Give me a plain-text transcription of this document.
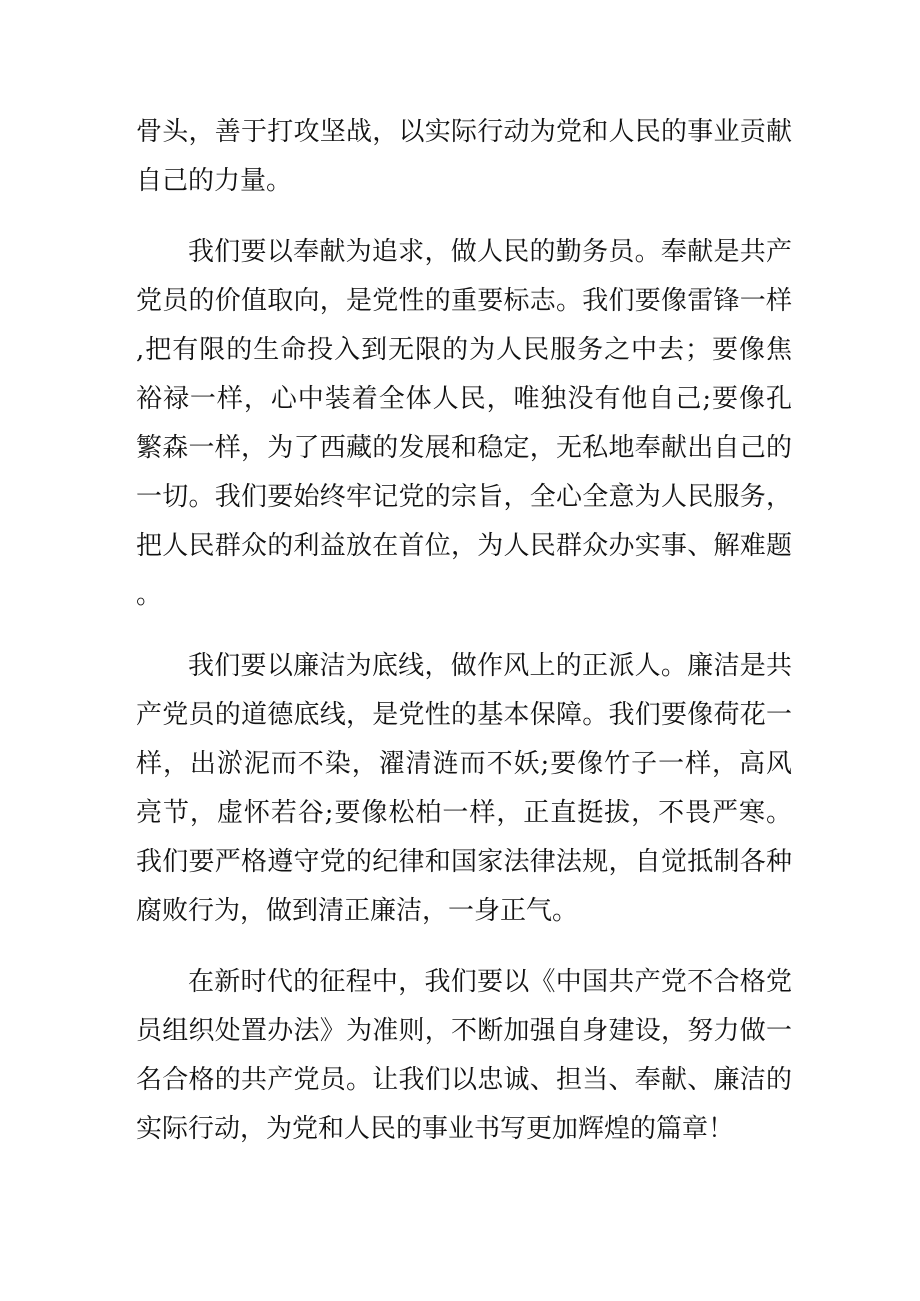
骨头，善于打攻坚战，以实际行动为党和人民的事业贡献自己的力量。

我们要以奉献为追求，做人民的勤务员。奉献是共产党员的价值取向，是党性的重要标志。我们要像雷锋一样,把有限的生命投入到无限的为人民服务之中去；要像焦裕禄一样，心中装着全体人民，唯独没有他自己;要像孔繁森一样，为了西藏的发展和稳定，无私地奉献出自己的一切。我们要始终牢记党的宗旨，全心全意为人民服务，把人民群众的利益放在首位，为人民群众办实事、解难题。

我们要以廉洁为底线，做作风上的正派人。廉洁是共产党员的道德底线，是党性的基本保障。我们要像荷花一样，出淤泥而不染，濯清涟而不妖;要像竹子一样，高风亮节，虚怀若谷;要像松柏一样，正直挺拔，不畏严寒。我们要严格遵守党的纪律和国家法律法规，自觉抵制各种腐败行为，做到清正廉洁，一身正气。

在新时代的征程中，我们要以《中国共产党不合格党员组织处置办法》为准则，不断加强自身建设，努力做一名合格的共产党员。让我们以忠诚、担当、奉献、廉洁的实际行动，为党和人民的事业书写更加辉煌的篇章！
